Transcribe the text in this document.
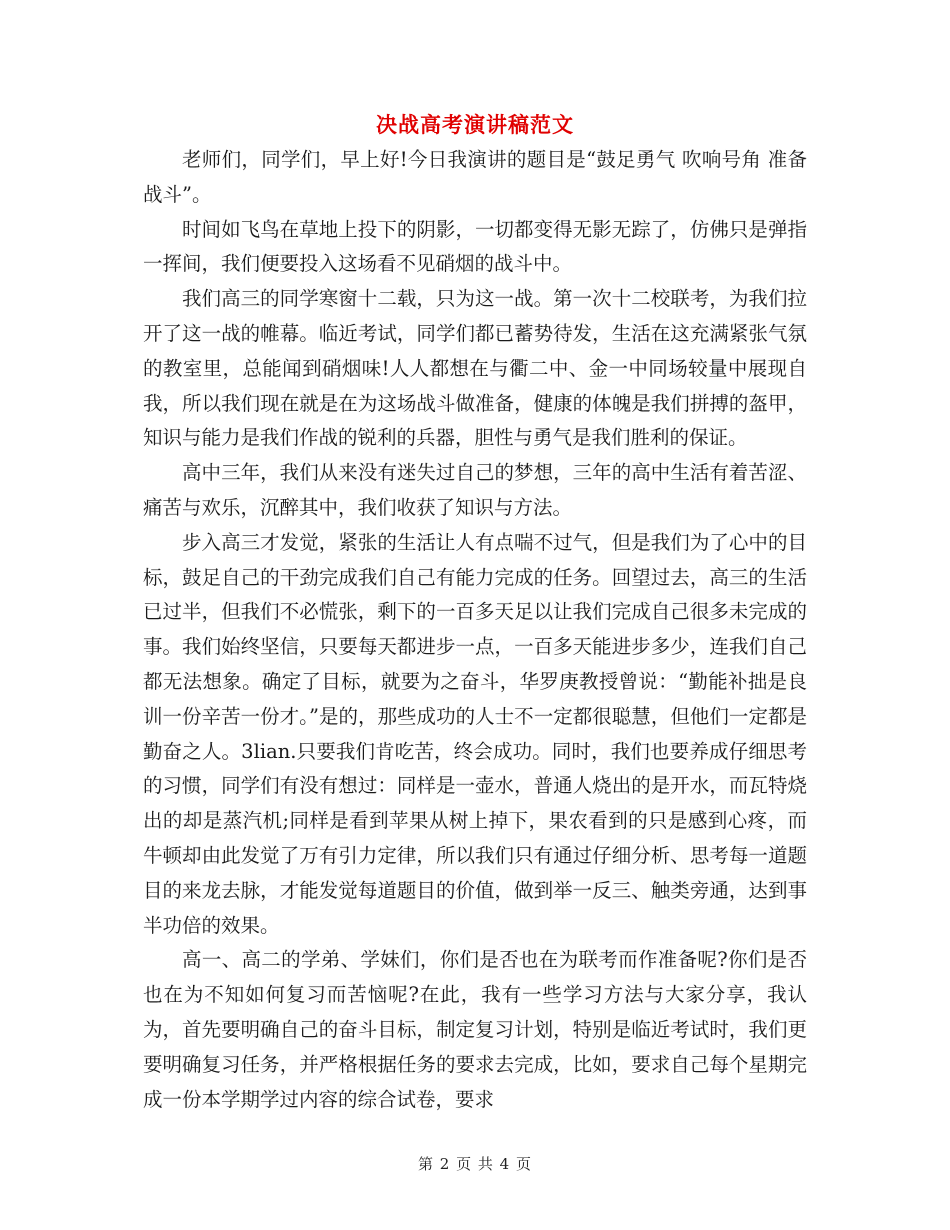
决战高考演讲稿范文

老师们，同学们，早上好!今日我演讲的题目是“鼓足勇气 吹响号角 准备战斗”。

时间如飞鸟在草地上投下的阴影，一切都变得无影无踪了，仿佛只是弹指一挥间，我们便要投入这场看不见硝烟的战斗中。

我们高三的同学寒窗十二载，只为这一战。第一次十二校联考，为我们拉开了这一战的帷幕。临近考试，同学们都已蓄势待发，生活在这充满紧张气氛的教室里，总能闻到硝烟味!人人都想在与衢二中、金一中同场较量中展现自我，所以我们现在就是在为这场战斗做准备，健康的体魄是我们拼搏的盔甲，知识与能力是我们作战的锐利的兵器，胆性与勇气是我们胜利的保证。

高中三年，我们从来没有迷失过自己的梦想，三年的高中生活有着苦涩、痛苦与欢乐，沉醉其中，我们收获了知识与方法。

步入高三才发觉，紧张的生活让人有点喘不过气，但是我们为了心中的目标，鼓足自己的干劲完成我们自己有能力完成的任务。回望过去，高三的生活已过半，但我们不必慌张，剩下的一百多天足以让我们完成自己很多未完成的事。我们始终坚信，只要每天都进步一点，一百多天能进步多少，连我们自己都无法想象。确定了目标，就要为之奋斗，华罗庚教授曾说：“勤能补拙是良训一份辛苦一份才。”是的，那些成功的人士不一定都很聪慧，但他们一定都是勤奋之人。3lian.只要我们肯吃苦，终会成功。同时，我们也要养成仔细思考的习惯，同学们有没有想过：同样是一壶水，普通人烧出的是开水，而瓦特烧出的却是蒸汽机;同样是看到苹果从树上掉下，果农看到的只是感到心疼，而牛顿却由此发觉了万有引力定律，所以我们只有通过仔细分析、思考每一道题目的来龙去脉，才能发觉每道题目的价值，做到举一反三、触类旁通，达到事半功倍的效果。

高一、高二的学弟、学妹们，你们是否也在为联考而作准备呢?你们是否也在为不知如何复习而苦恼呢?在此，我有一些学习方法与大家分享，我认为，首先要明确自己的奋斗目标，制定复习计划，特别是临近考试时，我们更要明确复习任务，并严格根据任务的要求去完成，比如，要求自己每个星期完成一份本学期学过内容的综合试卷，要求

第 2 页 共 4 页
